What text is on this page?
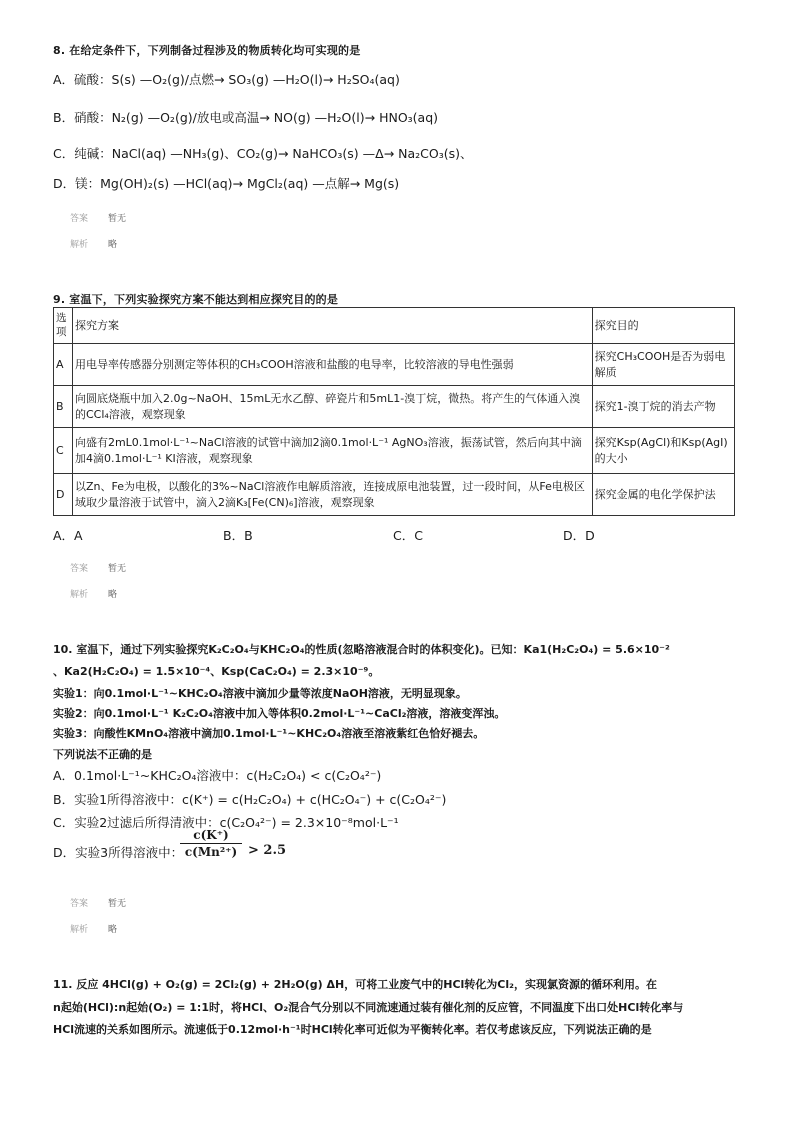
8. 在给定条件下，下列制备过程涉及的物质转化均可实现的是
A．硫酸：S(s) —O₂(g)/点燃→ SO₃(g) —H₂O(l)→ H₂SO₄(aq)
B．硝酸：N₂(g) —O₂(g)/放电或高温→ NO(g) —H₂O(l)→ HNO₃(aq)
C．纯碱：NaCl(aq) —NH₃(g)、CO₂(g)→ NaHCO₃(s) —Δ→ Na₂CO₃(s)、
D．镁：Mg(OH)₂(s) —HCl(aq)→ MgCl₂(aq) —点解→ Mg(s)
答案 暂无
解析 略
9. 室温下，下列实验探究方案不能达到相应探究目的的是
选项	探究方案	探究目的
A	用电导率传感器分别测定等体积的CH₃COOH溶液和盐酸的电导率，比较溶液的导电性强弱	探究CH₃COOH是否为弱电解质
B	向圆底烧瓶中加入2.0g~NaOH、15mL无水乙醇、碎瓷片和5mL1-溴丁烷，微热。将产生的气体通入溴的CCl₄溶液，观察现象	探究1-溴丁烷的消去产物
C	向盛有2mL0.1mol·L⁻¹~NaCl溶液的试管中滴加2滴0.1mol·L⁻¹ AgNO₃溶液，振荡试管，然后向其中滴加4滴0.1mol·L⁻¹ KI溶液，观察现象	探究Ksp(AgCl)和Ksp(AgI)的大小
D	以Zn、Fe为电极，以酸化的3%~NaCl溶液作电解质溶液，连接成原电池装置，过一段时间，从Fe电极区域取少量溶液于试管中，滴入2滴K₃[Fe(CN)₆]溶液，观察现象	探究金属的电化学保护法
A．A	B．B	C．C	D．D
答案 暂无
解析 略
10. 室温下，通过下列实验探究K₂C₂O₄与KHC₂O₄的性质(忽略溶液混合时的体积变化)。已知：Ka1(H₂C₂O₄) = 5.6×10⁻²
、Ka2(H₂C₂O₄) = 1.5×10⁻⁴、Ksp(CaC₂O₄) = 2.3×10⁻⁹。
实验1：向0.1mol·L⁻¹~KHC₂O₄溶液中滴加少量等浓度NaOH溶液，无明显现象。
实验2：向0.1mol·L⁻¹ K₂C₂O₄溶液中加入等体积0.2mol·L⁻¹~CaCl₂溶液，溶液变浑浊。
实验3：向酸性KMnO₄溶液中滴加0.1mol·L⁻¹~KHC₂O₄溶液至溶液紫红色恰好褪去。
下列说法不正确的是
A．0.1mol·L⁻¹~KHC₂O₄溶液中：c(H₂C₂O₄) < c(C₂O₄²⁻)
B．实验1所得溶液中：c(K⁺) = c(H₂C₂O₄) + c(HC₂O₄⁻) + c(C₂O₄²⁻)
C．实验2过滤后所得清液中：c(C₂O₄²⁻) = 2.3×10⁻⁸mol·L⁻¹
D．实验3所得溶液中：
$\frac{c(K^+)}{\text{c(Mn²⁺)}} > 2.5$
答案 暂无
解析 略
11. 反应 4HCl(g) + O₂(g) = 2Cl₂(g) + 2H₂O(g) ΔH，可将工业废气中的HCl转化为Cl₂，实现氯资源的循环利用。在
n起始(HCl):n起始(O₂) = 1:1时，将HCl、O₂混合气分别以不同流速通过装有催化剂的反应管，不同温度下出口处HCl转化率与
HCl流速的关系如图所示。流速低于0.12mol·h⁻¹时HCl转化率可近似为平衡转化率。若仅考虑该反应，下列说法正确的是
